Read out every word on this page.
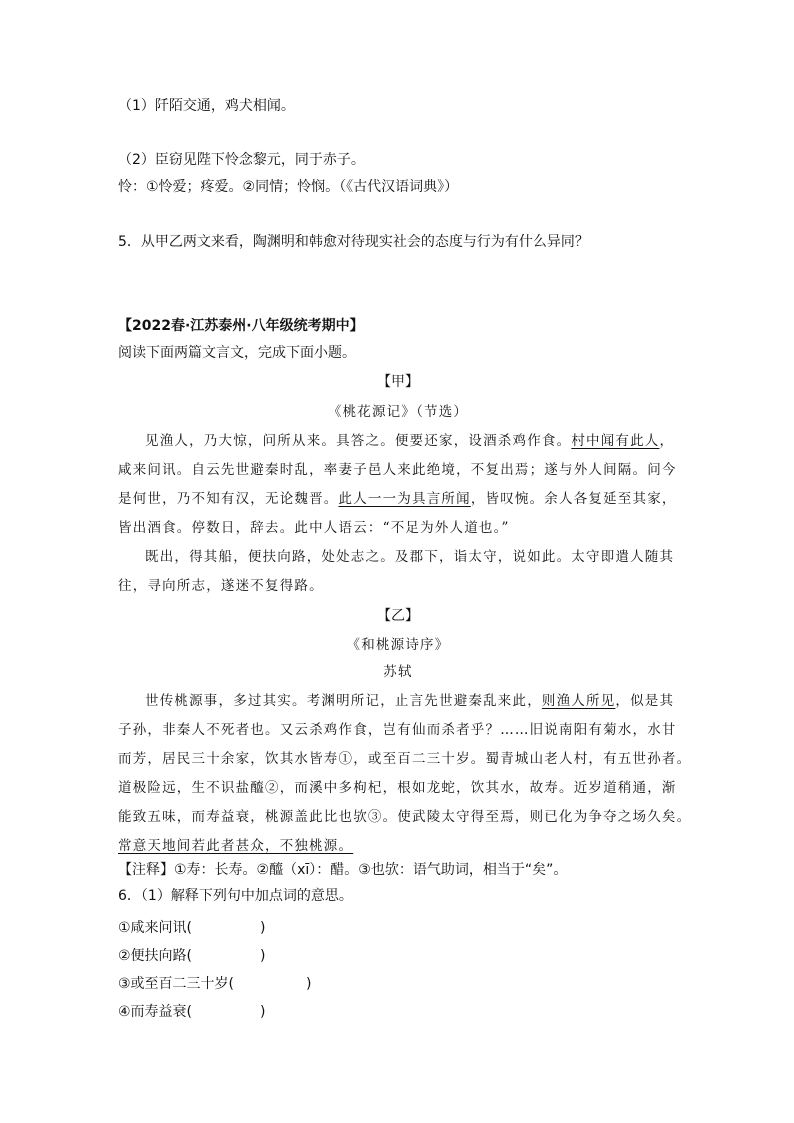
（1）阡陌交通，鸡犬相闻。
（2）臣窃见陛下怜念黎元，同于赤子。
怜：①怜爱；疼爱。②同情；怜悯。（《古代汉语词典》）
5．从甲乙两文来看，陶渊明和韩愈对待现实社会的态度与行为有什么异同？
【2022春·江苏泰州·八年级统考期中】
阅读下面两篇文言文，完成下面小题。
【甲】
《桃花源记》（节选）
见渔人，乃大惊，问所从来。具答之。便要还家，设酒杀鸡作食。村中闻有此人，
咸来问讯。自云先世避秦时乱，率妻子邑人来此绝境，不复出焉；遂与外人间隔。问今
是何世，乃不知有汉，无论魏晋。此人一一为具言所闻，皆叹惋。余人各复延至其家，
皆出酒食。停数日，辞去。此中人语云：“不足为外人道也。”
既出，得其船，便扶向路，处处志之。及郡下，诣太守，说如此。太守即遣人随其
往，寻向所志，遂迷不复得路。
【乙】
《和桃源诗序》
苏轼
世传桃源事，多过其实。考渊明所记，止言先世避秦乱来此，则渔人所见，似是其
子孙，非秦人不死者也。又云杀鸡作食，岂有仙而杀者乎？……旧说南阳有菊水，水甘
而芳，居民三十余家，饮其水皆寿①，或至百二三十岁。蜀青城山老人村，有五世孙者。
道极险远，生不识盐醯②，而溪中多枸杞，根如龙蛇，饮其水，故寿。近岁道稍通，渐
能致五味，而寿益衰，桃源盖此比也欤③。使武陵太守得至焉，则已化为争夺之场久矣。
常意天地间若此者甚众，不独桃源。
【注释】①寿：长寿。②醯（xī）：醋。③也欤：语气助词，相当于“矣”。
6．（1）解释下列句中加点词的意思。
①咸来问讯(	)
②便扶向路(	)
③或至百二三十岁(	)
④而寿益衰(	)
